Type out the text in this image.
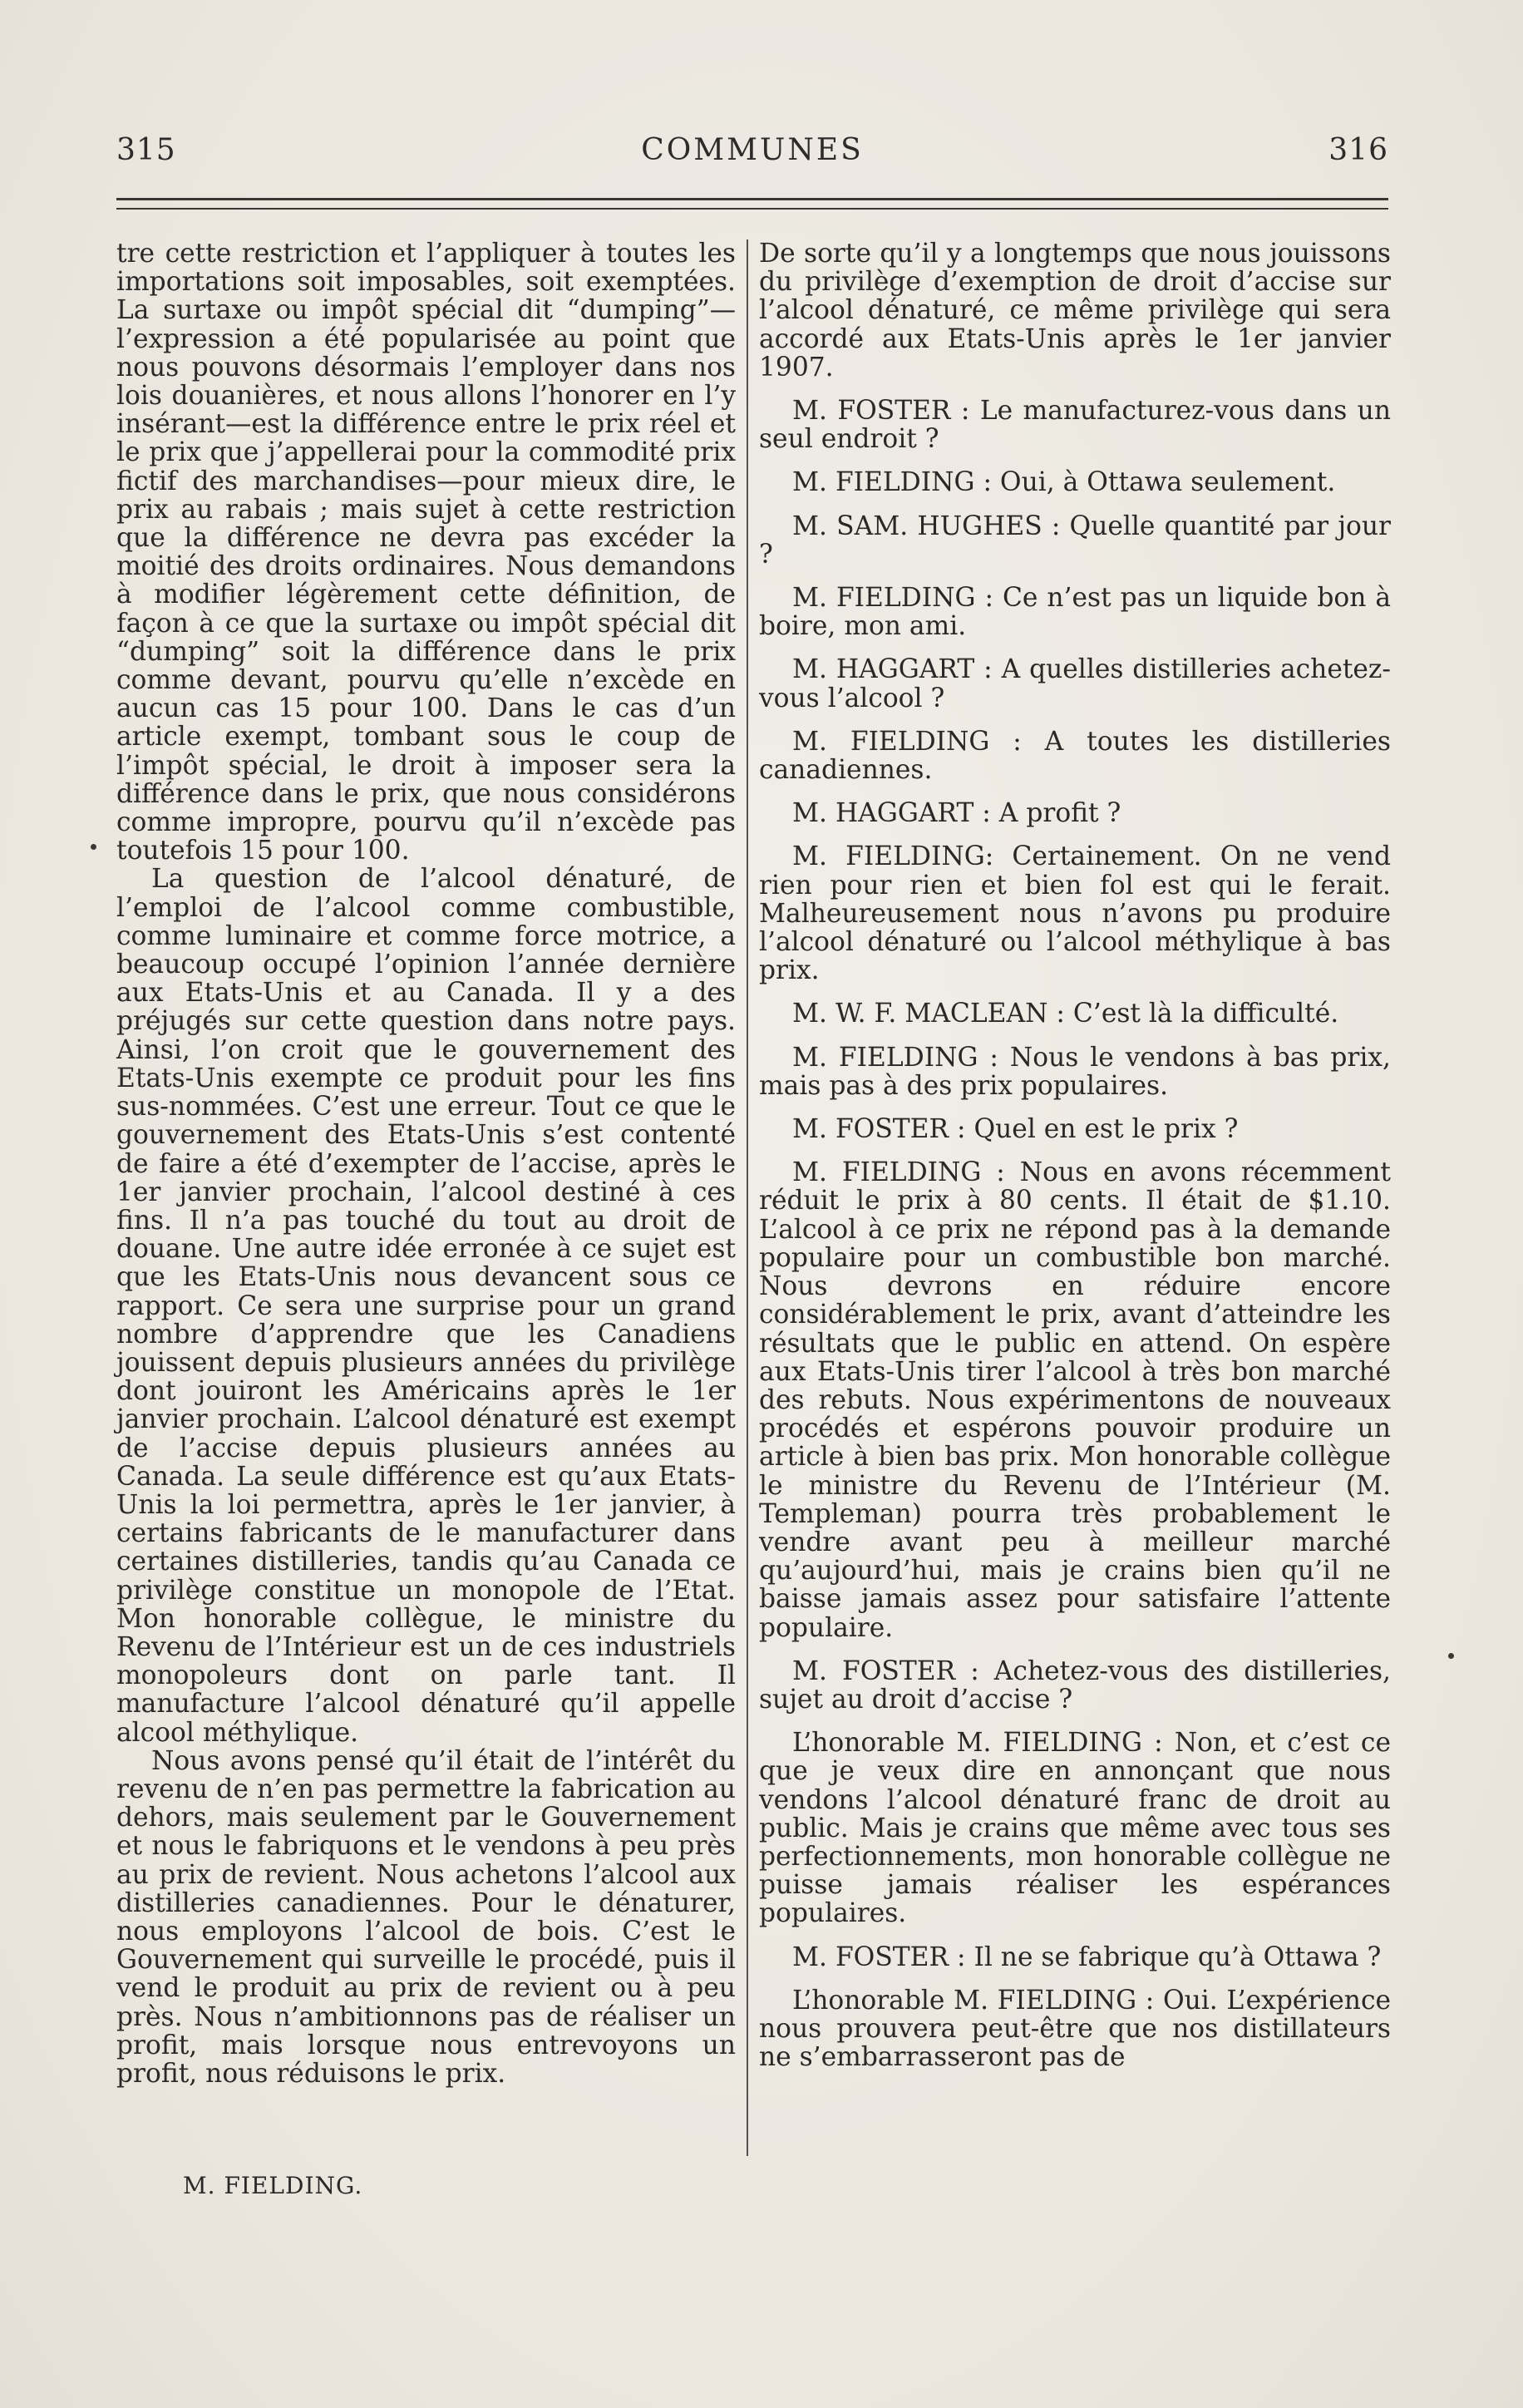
315	COMMUNES	316

tre cette restriction et l’appliquer à toutes les importations soit imposables, soit exemptées. La surtaxe ou impôt spécial dit “dumping”—l’expression a été popularisée au point que nous pouvons désormais l’employer dans nos lois douanières, et nous allons l’honorer en l’y insérant—est la différence entre le prix réel et le prix que j’appellerai pour la commodité prix fictif des marchandises—pour mieux dire, le prix au rabais ; mais sujet à cette restriction que la différence ne devra pas excéder la moitié des droits ordinaires. Nous demandons à modifier légèrement cette définition, de façon à ce que la surtaxe ou impôt spécial dit “dumping” soit la différence dans le prix comme devant, pourvu qu’elle n’excède en aucun cas 15 pour 100. Dans le cas d’un article exempt, tombant sous le coup de l’impôt spécial, le droit à imposer sera la différence dans le prix, que nous considérons comme impropre, pourvu qu’il n’excède pas toutefois 15 pour 100.

La question de l’alcool dénaturé, de l’emploi de l’alcool comme combustible, comme luminaire et comme force motrice, a beaucoup occupé l’opinion l’année dernière aux Etats-Unis et au Canada. Il y a des préjugés sur cette question dans notre pays. Ainsi, l’on croit que le gouvernement des Etats-Unis exempte ce produit pour les fins sus-nommées. C’est une erreur. Tout ce que le gouvernement des Etats-Unis s’est contenté de faire a été d’exempter de l’accise, après le 1er janvier prochain, l’alcool destiné à ces fins. Il n’a pas touché du tout au droit de douane. Une autre idée erronée à ce sujet est que les Etats-Unis nous devancent sous ce rapport. Ce sera une surprise pour un grand nombre d’apprendre que les Canadiens jouissent depuis plusieurs années du privilège dont jouiront les Américains après le 1er janvier prochain. L’alcool dénaturé est exempt de l’accise depuis plusieurs années au Canada. La seule différence est qu’aux Etats-Unis la loi permettra, après le 1er janvier, à certains fabricants de le manufacturer dans certaines distilleries, tandis qu’au Canada ce privilège constitue un monopole de l’Etat. Mon honorable collègue, le ministre du Revenu de l’Intérieur est un de ces industriels monopoleurs dont on parle tant. Il manufacture l’alcool dénaturé qu’il appelle alcool méthylique.

Nous avons pensé qu’il était de l’intérêt du revenu de n’en pas permettre la fabrication au dehors, mais seulement par le Gouvernement et nous le fabriquons et le vendons à peu près au prix de revient. Nous achetons l’alcool aux distilleries canadiennes. Pour le dénaturer, nous employons l’alcool de bois. C’est le Gouvernement qui surveille le procédé, puis il vend le produit au prix de revient ou à peu près. Nous n’ambitionnons pas de réaliser un profit, mais lorsque nous entrevoyons un profit, nous réduisons le prix.

De sorte qu’il y a longtemps que nous jouissons du privilège d’exemption de droit d’accise sur l’alcool dénaturé, ce même privilège qui sera accordé aux Etats-Unis après le 1er janvier 1907.

M. FOSTER : Le manufacturez-vous dans un seul endroit ?

M. FIELDING : Oui, à Ottawa seulement.

M. SAM. HUGHES : Quelle quantité par jour ?

M. FIELDING : Ce n’est pas un liquide bon à boire, mon ami.

M. HAGGART : A quelles distilleries achetez-vous l’alcool ?

M. FIELDING : A toutes les distilleries canadiennes.

M. HAGGART : A profit ?

M. FIELDING: Certainement. On ne vend rien pour rien et bien fol est qui le ferait. Malheureusement nous n’avons pu produire l’alcool dénaturé ou l’alcool méthylique à bas prix.

M. W. F. MACLEAN : C’est là la difficulté.

M. FIELDING : Nous le vendons à bas prix, mais pas à des prix populaires.

M. FOSTER : Quel en est le prix ?

M. FIELDING : Nous en avons récemment réduit le prix à 80 cents. Il était de $1.10. L’alcool à ce prix ne répond pas à la demande populaire pour un combustible bon marché. Nous devrons en réduire encore considérablement le prix, avant d’atteindre les résultats que le public en attend. On espère aux Etats-Unis tirer l’alcool à très bon marché des rebuts. Nous expérimentons de nouveaux procédés et espérons pouvoir produire un article à bien bas prix. Mon honorable collègue le ministre du Revenu de l’Intérieur (M. Templeman) pourra très probablement le vendre avant peu à meilleur marché qu’aujourd’hui, mais je crains bien qu’il ne baisse jamais assez pour satisfaire l’attente populaire.

M. FOSTER : Achetez-vous des distilleries, sujet au droit d’accise ?

L’honorable M. FIELDING : Non, et c’est ce que je veux dire en annonçant que nous vendons l’alcool dénaturé franc de droit au public. Mais je crains que même avec tous ses perfectionnements, mon honorable collègue ne puisse jamais réaliser les espérances populaires.

M. FOSTER : Il ne se fabrique qu’à Ottawa ?

L’honorable M. FIELDING : Oui. L’expérience nous prouvera peut-être que nos distillateurs ne s’embarrasseront pas de

M. FIELDING.
